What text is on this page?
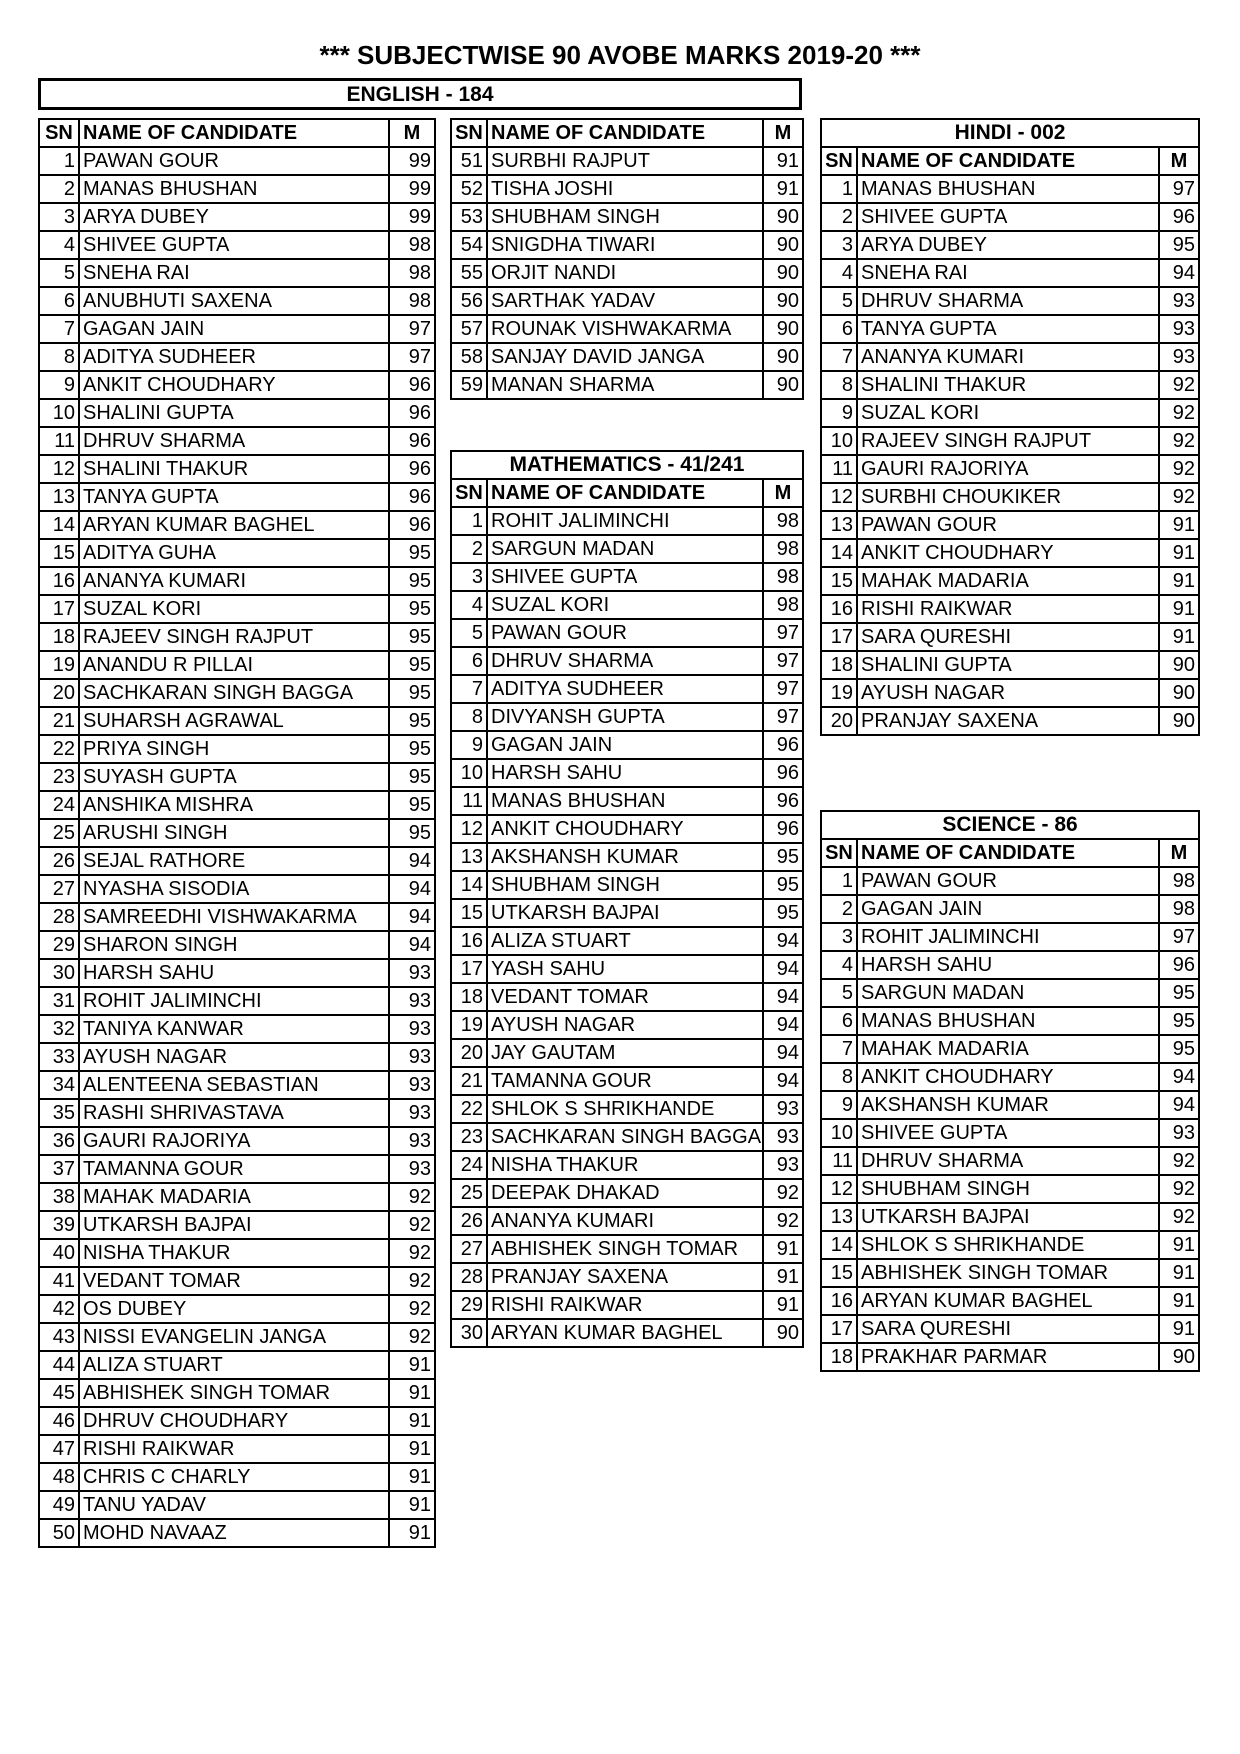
*** SUBJECTWISE 90 AVOBE MARKS 2019-20 ***
ENGLISH - 184
SN	NAME OF CANDIDATE	M
1	PAWAN GOUR	99
2	MANAS BHUSHAN	99
3	ARYA DUBEY	99
4	SHIVEE GUPTA	98
5	SNEHA RAI	98
6	ANUBHUTI SAXENA	98
7	GAGAN JAIN	97
8	ADITYA SUDHEER	97
9	ANKIT CHOUDHARY	96
10	SHALINI GUPTA	96
11	DHRUV SHARMA	96
12	SHALINI THAKUR	96
13	TANYA GUPTA	96
14	ARYAN KUMAR BAGHEL	96
15	ADITYA GUHA	95
16	ANANYA KUMARI	95
17	SUZAL KORI	95
18	RAJEEV SINGH RAJPUT	95
19	ANANDU R PILLAI	95
20	SACHKARAN SINGH BAGGA	95
21	SUHARSH AGRAWAL	95
22	PRIYA SINGH	95
23	SUYASH GUPTA	95
24	ANSHIKA MISHRA	95
25	ARUSHI SINGH	95
26	SEJAL RATHORE	94
27	NYASHA SISODIA	94
28	SAMREEDHI VISHWAKARMA	94
29	SHARON SINGH	94
30	HARSH SAHU	93
31	ROHIT JALIMINCHI	93
32	TANIYA KANWAR	93
33	AYUSH NAGAR	93
34	ALENTEENA SEBASTIAN	93
35	RASHI SHRIVASTAVA	93
36	GAURI RAJORIYA	93
37	TAMANNA GOUR	93
38	MAHAK MADARIA	92
39	UTKARSH BAJPAI	92
40	NISHA THAKUR	92
41	VEDANT TOMAR	92
42	OS DUBEY	92
43	NISSI EVANGELIN JANGA	92
44	ALIZA STUART	91
45	ABHISHEK SINGH TOMAR	91
46	DHRUV CHOUDHARY	91
47	RISHI RAIKWAR	91
48	CHRIS C CHARLY	91
49	TANU YADAV	91
50	MOHD NAVAAZ	91
SN	NAME OF CANDIDATE	M
51	SURBHI RAJPUT	91
52	TISHA JOSHI	91
53	SHUBHAM SINGH	90
54	SNIGDHA TIWARI	90
55	ORJIT NANDI	90
56	SARTHAK YADAV	90
57	ROUNAK VISHWAKARMA	90
58	SANJAY DAVID JANGA	90
59	MANAN SHARMA	90
MATHEMATICS - 41/241		
SN	NAME OF CANDIDATE	M
1	ROHIT JALIMINCHI	98
2	SARGUN MADAN	98
3	SHIVEE GUPTA	98
4	SUZAL KORI	98
5	PAWAN GOUR	97
6	DHRUV SHARMA	97
7	ADITYA SUDHEER	97
8	DIVYANSH GUPTA	97
9	GAGAN JAIN	96
10	HARSH SAHU	96
11	MANAS BHUSHAN	96
12	ANKIT CHOUDHARY	96
13	AKSHANSH KUMAR	95
14	SHUBHAM SINGH	95
15	UTKARSH BAJPAI	95
16	ALIZA STUART	94
17	YASH SAHU	94
18	VEDANT TOMAR	94
19	AYUSH NAGAR	94
20	JAY GAUTAM	94
21	TAMANNA GOUR	94
22	SHLOK S SHRIKHANDE	93
23	SACHKARAN SINGH BAGGA	93
24	NISHA THAKUR	93
25	DEEPAK DHAKAD	92
26	ANANYA KUMARI	92
27	ABHISHEK SINGH TOMAR	91
28	PRANJAY SAXENA	91
29	RISHI RAIKWAR	91
30	ARYAN KUMAR BAGHEL	90
HINDI - 002		
SN	NAME OF CANDIDATE	M
1	MANAS BHUSHAN	97
2	SHIVEE GUPTA	96
3	ARYA DUBEY	95
4	SNEHA RAI	94
5	DHRUV SHARMA	93
6	TANYA GUPTA	93
7	ANANYA KUMARI	93
8	SHALINI THAKUR	92
9	SUZAL KORI	92
10	RAJEEV SINGH RAJPUT	92
11	GAURI RAJORIYA	92
12	SURBHI CHOUKIKER	92
13	PAWAN GOUR	91
14	ANKIT CHOUDHARY	91
15	MAHAK MADARIA	91
16	RISHI RAIKWAR	91
17	SARA QURESHI	91
18	SHALINI GUPTA	90
19	AYUSH NAGAR	90
20	PRANJAY SAXENA	90
SCIENCE - 86		
SN	NAME OF CANDIDATE	M
1	PAWAN GOUR	98
2	GAGAN JAIN	98
3	ROHIT JALIMINCHI	97
4	HARSH SAHU	96
5	SARGUN MADAN	95
6	MANAS BHUSHAN	95
7	MAHAK MADARIA	95
8	ANKIT CHOUDHARY	94
9	AKSHANSH KUMAR	94
10	SHIVEE GUPTA	93
11	DHRUV SHARMA	92
12	SHUBHAM SINGH	92
13	UTKARSH BAJPAI	92
14	SHLOK S SHRIKHANDE	91
15	ABHISHEK SINGH TOMAR	91
16	ARYAN KUMAR BAGHEL	91
17	SARA QURESHI	91
18	PRAKHAR PARMAR	90
